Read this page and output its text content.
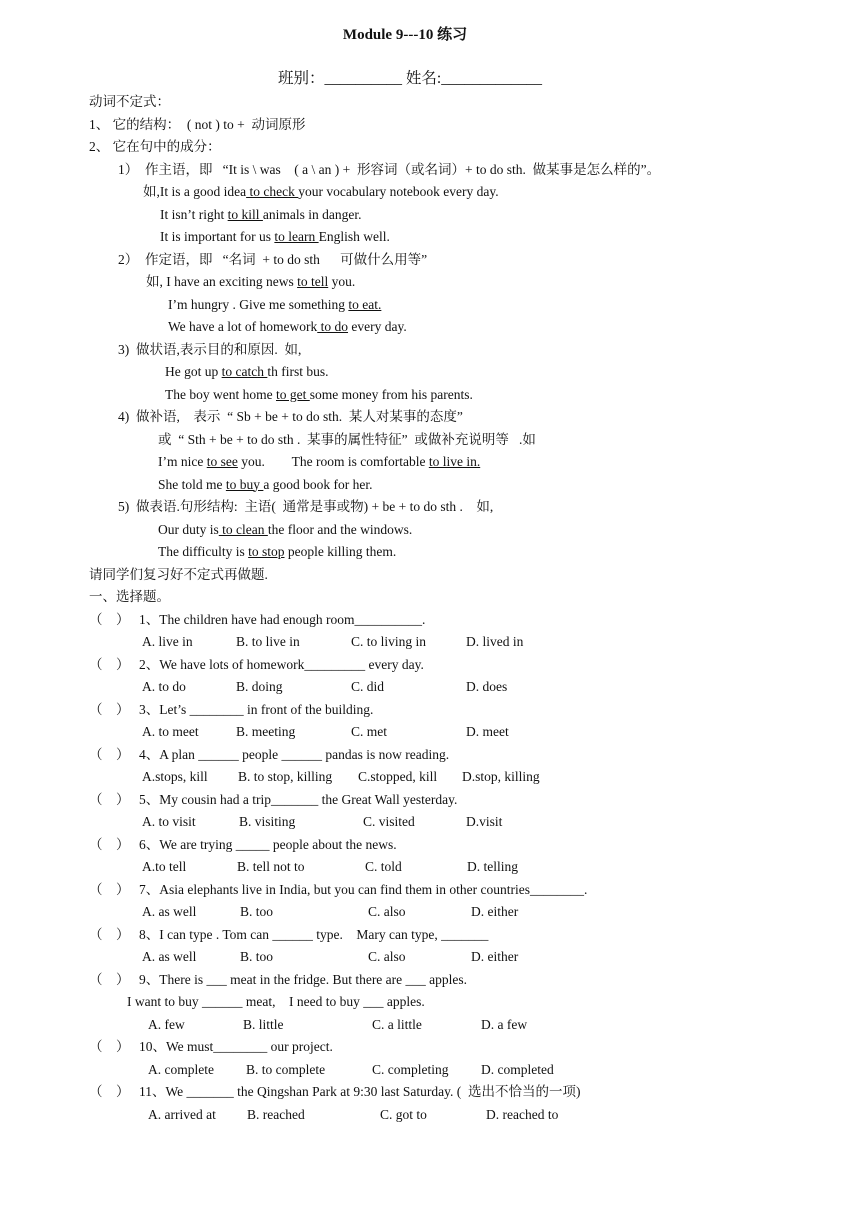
Module 9---10 练习
班别：__________ 姓名:_____________
动词不定式：
1、 它的结构：  ( not ) to +  动词原形
2、 它在句中的成分：
1）  作主语，即   “It is \ was    ( a \ an ) +  形容词（或名词）+ to do sth.  做某事是怎么样的”。
如,It is a good idea to check your vocabulary notebook every day.
It isn’t right to kill animals in danger.
It is important for us to learn English well.
2）  作定语，即   “名词  + to do sth      可做什么用等”
如, I have an exciting news to tell you.
I’m hungry . Give me something to eat.
We have a lot of homework to do every day.
3)  做状语,表示目的和原因.  如,
He got up to catch th first bus.
The boy went home to get some money from his parents.
4)  做补语,    表示  “ Sb + be + to do sth.  某人对某事的态度”
或  “ Sth + be + to do sth .  某事的属性特征”  或做补充说明等   .如
I’m nice to see you.        The room is comfortable to live in.
She told me to buy a good book for her.
5)  做表语.句形结构:  主语(  通常是事或物) + be + to do sth .    如,
Our duty is to clean the floor and the windows.
The difficulty is to stop people killing them.
请同学们复习好不定式再做题.
一、选择题。
（    ） 1、The children have had enough room__________.
A. live in	B. to live in	C. to living in	D. lived in
（    ） 2、We have lots of homework_________ every day.
A. to do	B. doing	C. did	D. does
（    ） 3、Let’s ________ in front of the building.
A. to meet	B. meeting	C. met	D. meet
（    ） 4、A plan ______ people ______ pandas is now reading.
A.stops, kill B. to stop, killing C.stopped, kill D.stop, killing
（    ） 5、My cousin had a trip_______ the Great Wall yesterday.
A. to visit	B. visiting	C. visited	D.visit
（    ） 6、We are trying _____ people about the news.
A.to tell	B. tell not to	C. told	D. telling
（    ） 7、Asia elephants live in India, but you can find them in other countries________.
A. as well	B. too	C. also	D. either
（    ） 8、I can type . Tom can ______ type.    Mary can type, _______
A. as well	B. too	C. also	D. either
（    ） 9、There is ___ meat in the fridge. But there are ___ apples.
I want to buy ______ meat,    I need to buy ___ apples.
A. few	B. little	C. a little	D. a few
（    ） 10、We must________ our project.
A. complete B. to complete	C. completing D. completed
（    ） 11、We _______ the Qingshan Park at 9:30 last Saturday. (  选出不恰当的一项)
A. arrived at B. reached	C. got to	D. reached to
